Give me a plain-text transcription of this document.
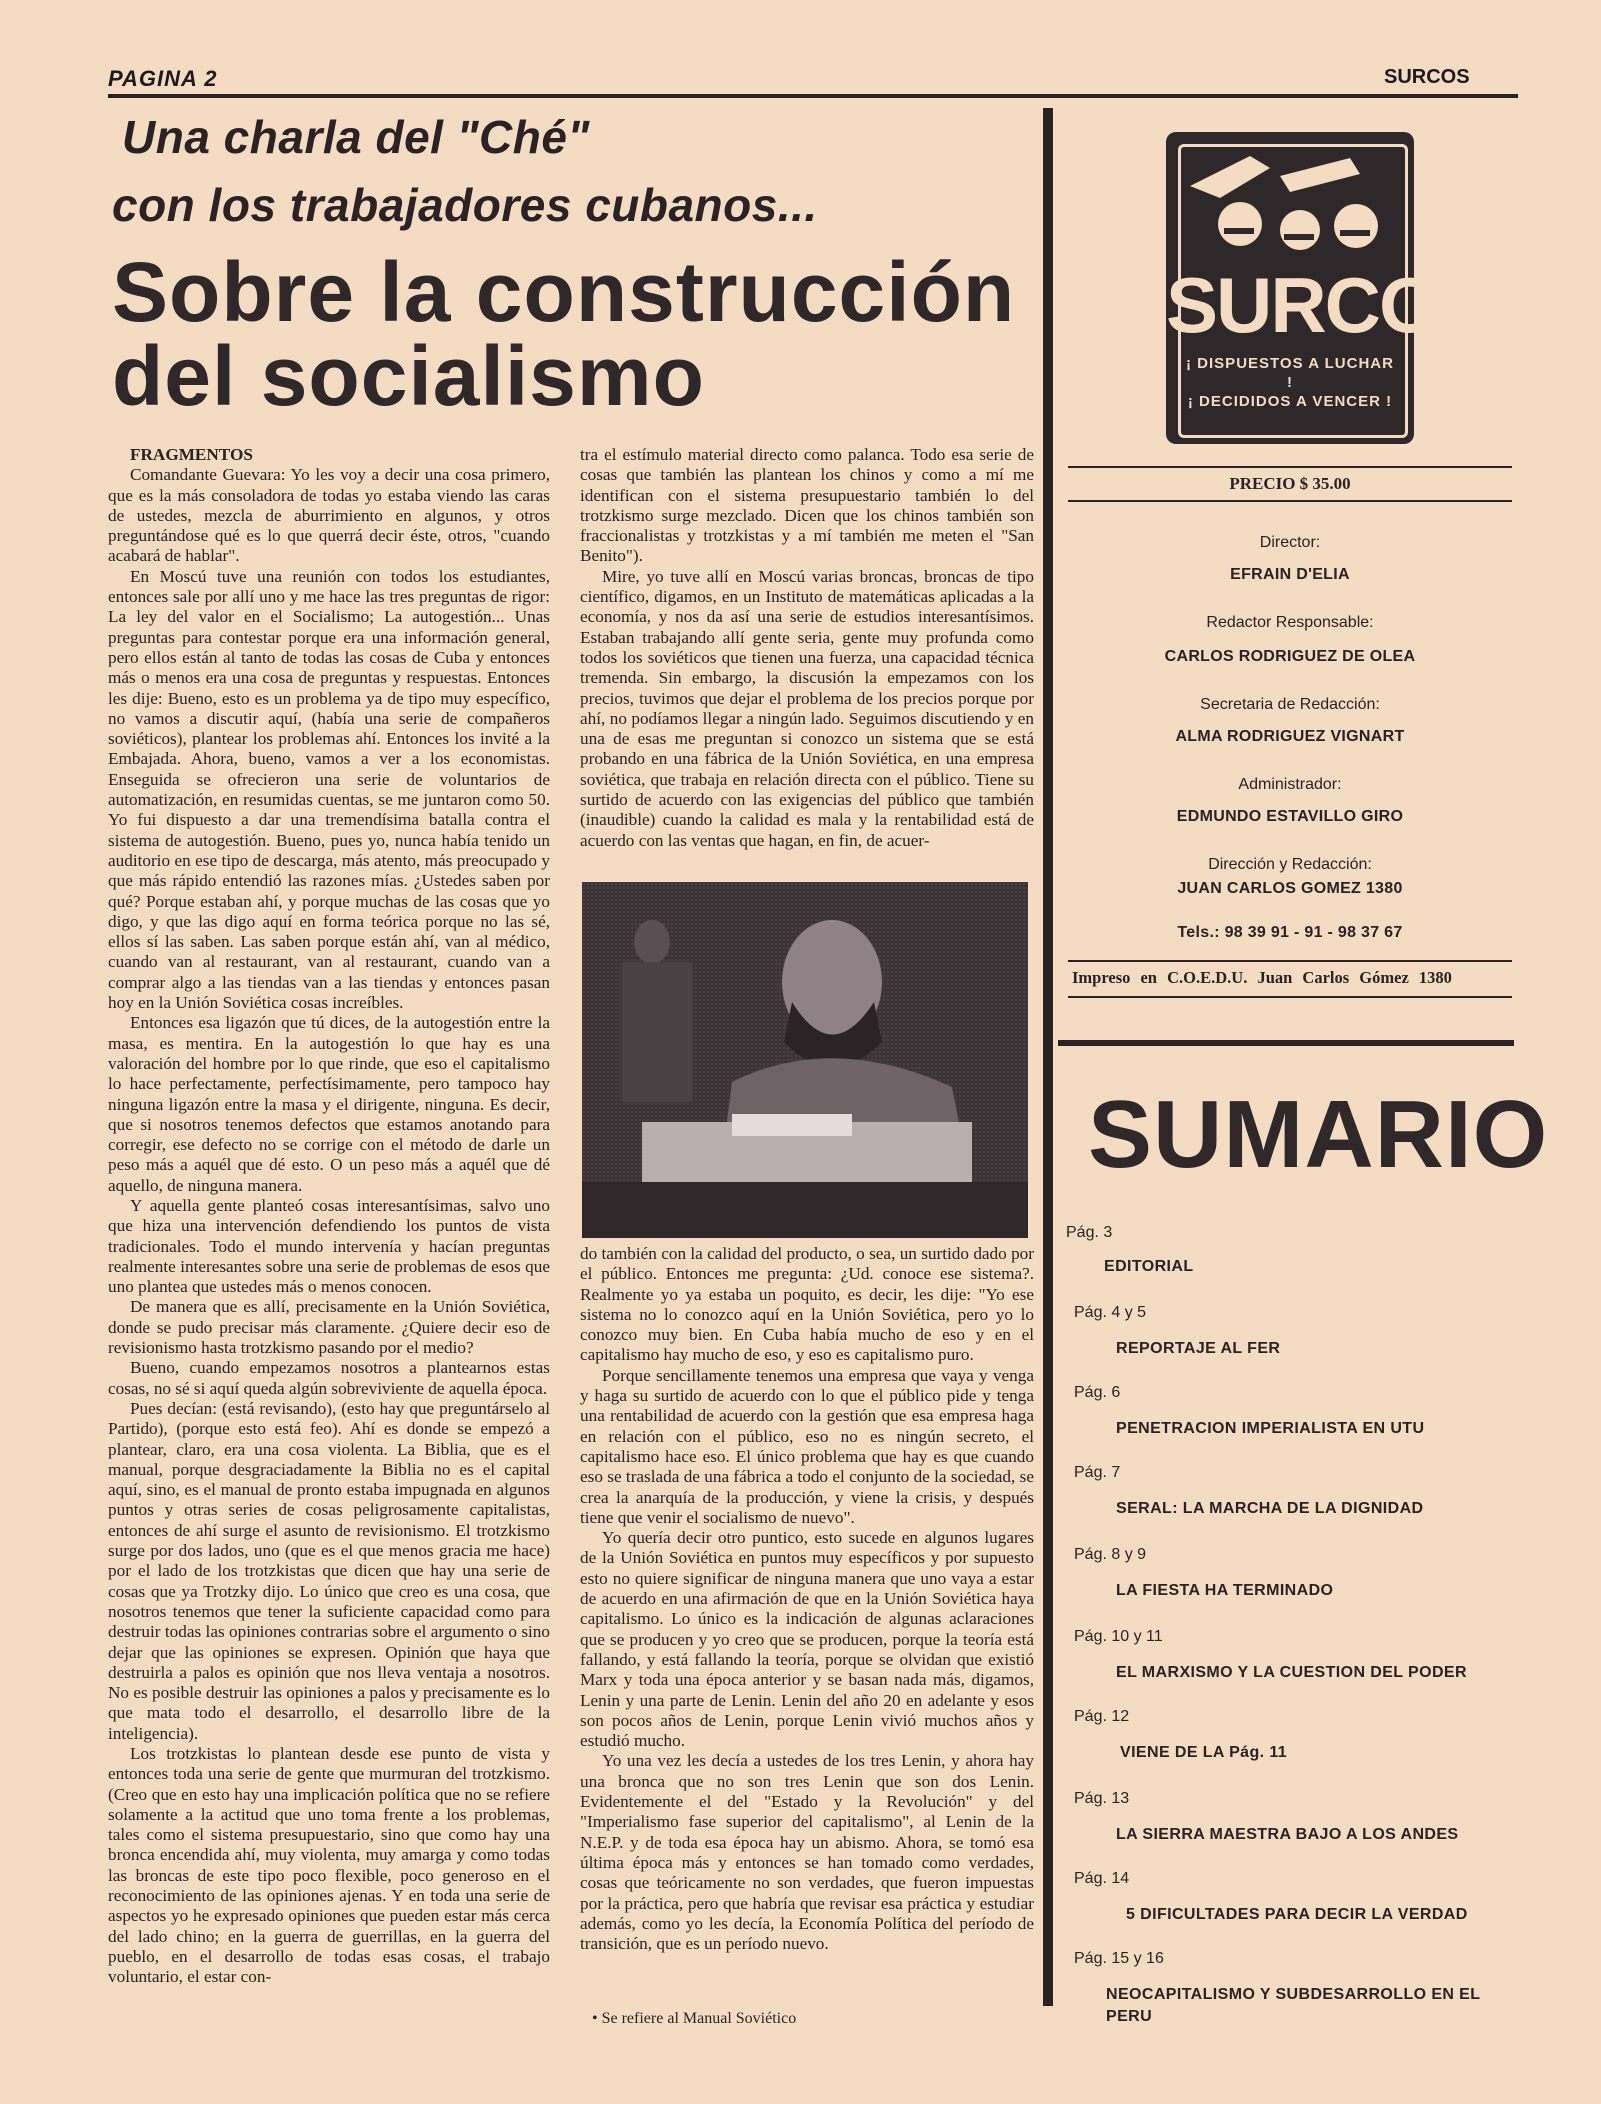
PAGINA 2	SURCOS
Una charla del "Ché"
con los trabajadores cubanos...
Sobre la construcción
del socialismo
FRAGMENTOS

Comandante Guevara: Yo les voy a decir una cosa primero, que es la más consoladora de todas yo estaba viendo las caras de ustedes, mezcla de aburrimiento en algunos, y otros preguntándose qué es lo que querrá decir éste, otros, "cuando acabará de hablar".

En Moscú tuve una reunión con todos los estudiantes, entonces sale por allí uno y me hace las tres preguntas de rigor: La ley del valor en el Socialismo; La autogestión... Unas preguntas para contestar porque era una información general, pero ellos están al tanto de todas las cosas de Cuba y entonces más o menos era una cosa de preguntas y respuestas. Entonces les dije: Bueno, esto es un problema ya de tipo muy específico, no vamos a discutir aquí, (había una serie de compañeros soviéticos), plantear los problemas ahí. Entonces los invité a la Embajada. Ahora, bueno, vamos a ver a los economistas. Enseguida se ofrecieron una serie de voluntarios de automatización, en resumidas cuentas, se me juntaron como 50. Yo fui dispuesto a dar una tremendísima batalla contra el sistema de autogestión. Bueno, pues yo, nunca había tenido un auditorio en ese tipo de descarga, más atento, más preocupado y que más rápido entendió las razones mías. ¿Ustedes saben por qué? Porque estaban ahí, y porque muchas de las cosas que yo digo, y que las digo aquí en forma teórica porque no las sé, ellos sí las saben. Las saben porque están ahí, van al médico, cuando van al restaurant, van al restaurant, cuando van a comprar algo a las tiendas van a las tiendas y entonces pasan hoy en la Unión Soviética cosas increíbles.

Entonces esa ligazón que tú dices, de la autogestión entre la masa, es mentira. En la autogestión lo que hay es una valoración del hombre por lo que rinde, que eso el capitalismo lo hace perfectamente, perfectísimamente, pero tampoco hay ninguna ligazón entre la masa y el dirigente, ninguna. Es decir, que si nosotros tenemos defectos que estamos anotando para corregir, ese defecto no se corrige con el método de darle un peso más a aquél que dé esto. O un peso más a aquél que dé aquello, de ninguna manera.

Y aquella gente planteó cosas interesantísimas, salvo uno que hiza una intervención defendiendo los puntos de vista tradicionales. Todo el mundo intervenía y hacían preguntas realmente interesantes sobre una serie de problemas de esos que uno plantea que ustedes más o menos conocen.

De manera que es allí, precisamente en la Unión Soviética, donde se pudo precisar más claramente. ¿Quiere decir eso de revisionismo hasta trotzkismo pasando por el medio?

Bueno, cuando empezamos nosotros a plantearnos estas cosas, no sé si aquí queda algún sobreviviente de aquella época.

Pues decían: (está revisando), (esto hay que preguntárselo al Partido), (porque esto está feo). Ahí es donde se empezó a plantear, claro, era una cosa violenta. La Biblia, que es el manual, porque desgraciadamente la Biblia no es el capital aquí, sino, es el manual de pronto estaba impugnada en algunos puntos y otras series de cosas peligrosamente capitalistas, entonces de ahí surge el asunto de revisionismo. El trotzkismo surge por dos lados, uno (que es el que menos gracia me hace) por el lado de los trotzkistas que dicen que hay una serie de cosas que ya Trotzky dijo. Lo único que creo es una cosa, que nosotros tenemos que tener la suficiente capacidad como para destruir todas las opiniones contrarias sobre el argumento o sino dejar que las opiniones se expresen. Opinión que haya que destruirla a palos es opinión que nos lleva ventaja a nosotros. No es posible destruir las opiniones a palos y precisamente es lo que mata todo el desarrollo, el desarrollo libre de la inteligencia).

Los trotzkistas lo plantean desde ese punto de vista y entonces toda una serie de gente que murmuran del trotzkismo. (Creo que en esto hay una implicación política que no se refiere solamente a la actitud que uno toma frente a los problemas, tales como el sistema presupuestario, sino que como hay una bronca encendida ahí, muy violenta, muy amarga y como todas las broncas de este tipo poco flexible, poco generoso en el reconocimiento de las opiniones ajenas. Y en toda una serie de aspectos yo he expresado opiniones que pueden estar más cerca del lado chino; en la guerra de guerrillas, en la guerra del pueblo, en el desarrollo de todas esas cosas, el trabajo voluntario, el estar con-

tra el estímulo material directo como palanca. Todo esa serie de cosas que también las plantean los chinos y como a mí me identifican con el sistema presupuestario también lo del trotzkismo surge mezclado. Dicen que los chinos también son fraccionalistas y trotzkistas y a mí también me meten el "San Benito").

Mire, yo tuve allí en Moscú varias broncas, broncas de tipo científico, digamos, en un Instituto de matemáticas aplicadas a la economía, y nos da así una serie de estudios interesantísimos. Estaban trabajando allí gente seria, gente muy profunda como todos los soviéticos que tienen una fuerza, una capacidad técnica tremenda. Sin embargo, la discusión la empezamos con los precios, tuvimos que dejar el problema de los precios porque por ahí, no podíamos llegar a ningún lado. Seguimos discutiendo y en una de esas me preguntan si conozco un sistema que se está probando en una fábrica de la Unión Soviética, en una empresa soviética, que trabaja en relación directa con el público. Tiene su surtido de acuerdo con las exigencias del público que también (inaudible) cuando la calidad es mala y la rentabilidad está de acuerdo con las ventas que hagan, en fin, de acuer-

do también con la calidad del producto, o sea, un surtido dado por el público. Entonces me pregunta: ¿Ud. conoce ese sistema?. Realmente yo ya estaba un poquito, es decir, les dije: "Yo ese sistema no lo conozco aquí en la Unión Soviética, pero yo lo conozco muy bien. En Cuba había mucho de eso y en el capitalismo hay mucho de eso, y eso es capitalismo puro.

Porque sencillamente tenemos una empresa que vaya y venga y haga su surtido de acuerdo con lo que el público pide y tenga una rentabilidad de acuerdo con la gestión que esa empresa haga en relación con el público, eso no es ningún secreto, el capitalismo hace eso. El único problema que hay es que cuando eso se traslada de una fábrica a todo el conjunto de la sociedad, se crea la anarquía de la producción, y viene la crisis, y después tiene que venir el socialismo de nuevo".

Yo quería decir otro puntico, esto sucede en algunos lugares de la Unión Soviética en puntos muy específicos y por supuesto esto no quiere significar de ninguna manera que uno vaya a estar de acuerdo en una afirmación de que en la Unión Soviética haya capitalismo. Lo único es la indicación de algunas aclaraciones que se producen y yo creo que se producen, porque la teoría está fallando, y está fallando la teoría, porque se olvidan que existió Marx y toda una época anterior y se basan nada más, digamos, Lenin y una parte de Lenin. Lenin del año 20 en adelante y esos son pocos años de Lenin, porque Lenin vivió muchos años y estudió mucho.

Yo una vez les decía a ustedes de los tres Lenin, y ahora hay una bronca que no son tres Lenin que son dos Lenin. Evidentemente el del "Estado y la Revolución" y del "Imperialismo fase superior del capitalismo", al Lenin de la N.E.P. y de toda esa época hay un abismo. Ahora, se tomó esa última época más y entonces se han tomado como verdades, cosas que teóricamente no son verdades, que fueron impuestas por la práctica, pero que habría que revisar esa práctica y estudiar además, como yo les decía, la Economía Política del período de transición, que es un período nuevo.

• Se refiere al Manual Soviético
SURCOS
¡ DISPUESTOS A LUCHAR !
¡ DECIDIDOS A VENCER !
PRECIO $ 35.00
Director:
EFRAIN D'ELIA
Redactor Responsable:
CARLOS RODRIGUEZ DE OLEA
Secretaria de Redacción:
ALMA RODRIGUEZ VIGNART
Administrador:
EDMUNDO ESTAVILLO GIRO
Dirección y Redacción:
JUAN CARLOS GOMEZ 1380
Tels.: 98 39 91 - 91 - 98 37 67
Impreso en C.O.E.D.U. Juan Carlos Gómez 1380
SUMARIO
Pág. 3
EDITORIAL
Pág. 4 y 5
REPORTAJE AL FER
Pág. 6
PENETRACION IMPERIALISTA EN UTU
Pág. 7
SERAL: LA MARCHA DE LA DIGNIDAD
Pág. 8 y 9
LA FIESTA HA TERMINADO
Pág. 10 y 11
EL MARXISMO Y LA CUESTION DEL PODER
Pág. 12
VIENE DE LA Pág. 11
Pág. 13
LA SIERRA MAESTRA BAJO A LOS ANDES
Pág. 14
5 DIFICULTADES PARA DECIR LA VERDAD
Pág. 15 y 16
NEOCAPITALISMO Y SUBDESARROLLO EN EL
PERU
